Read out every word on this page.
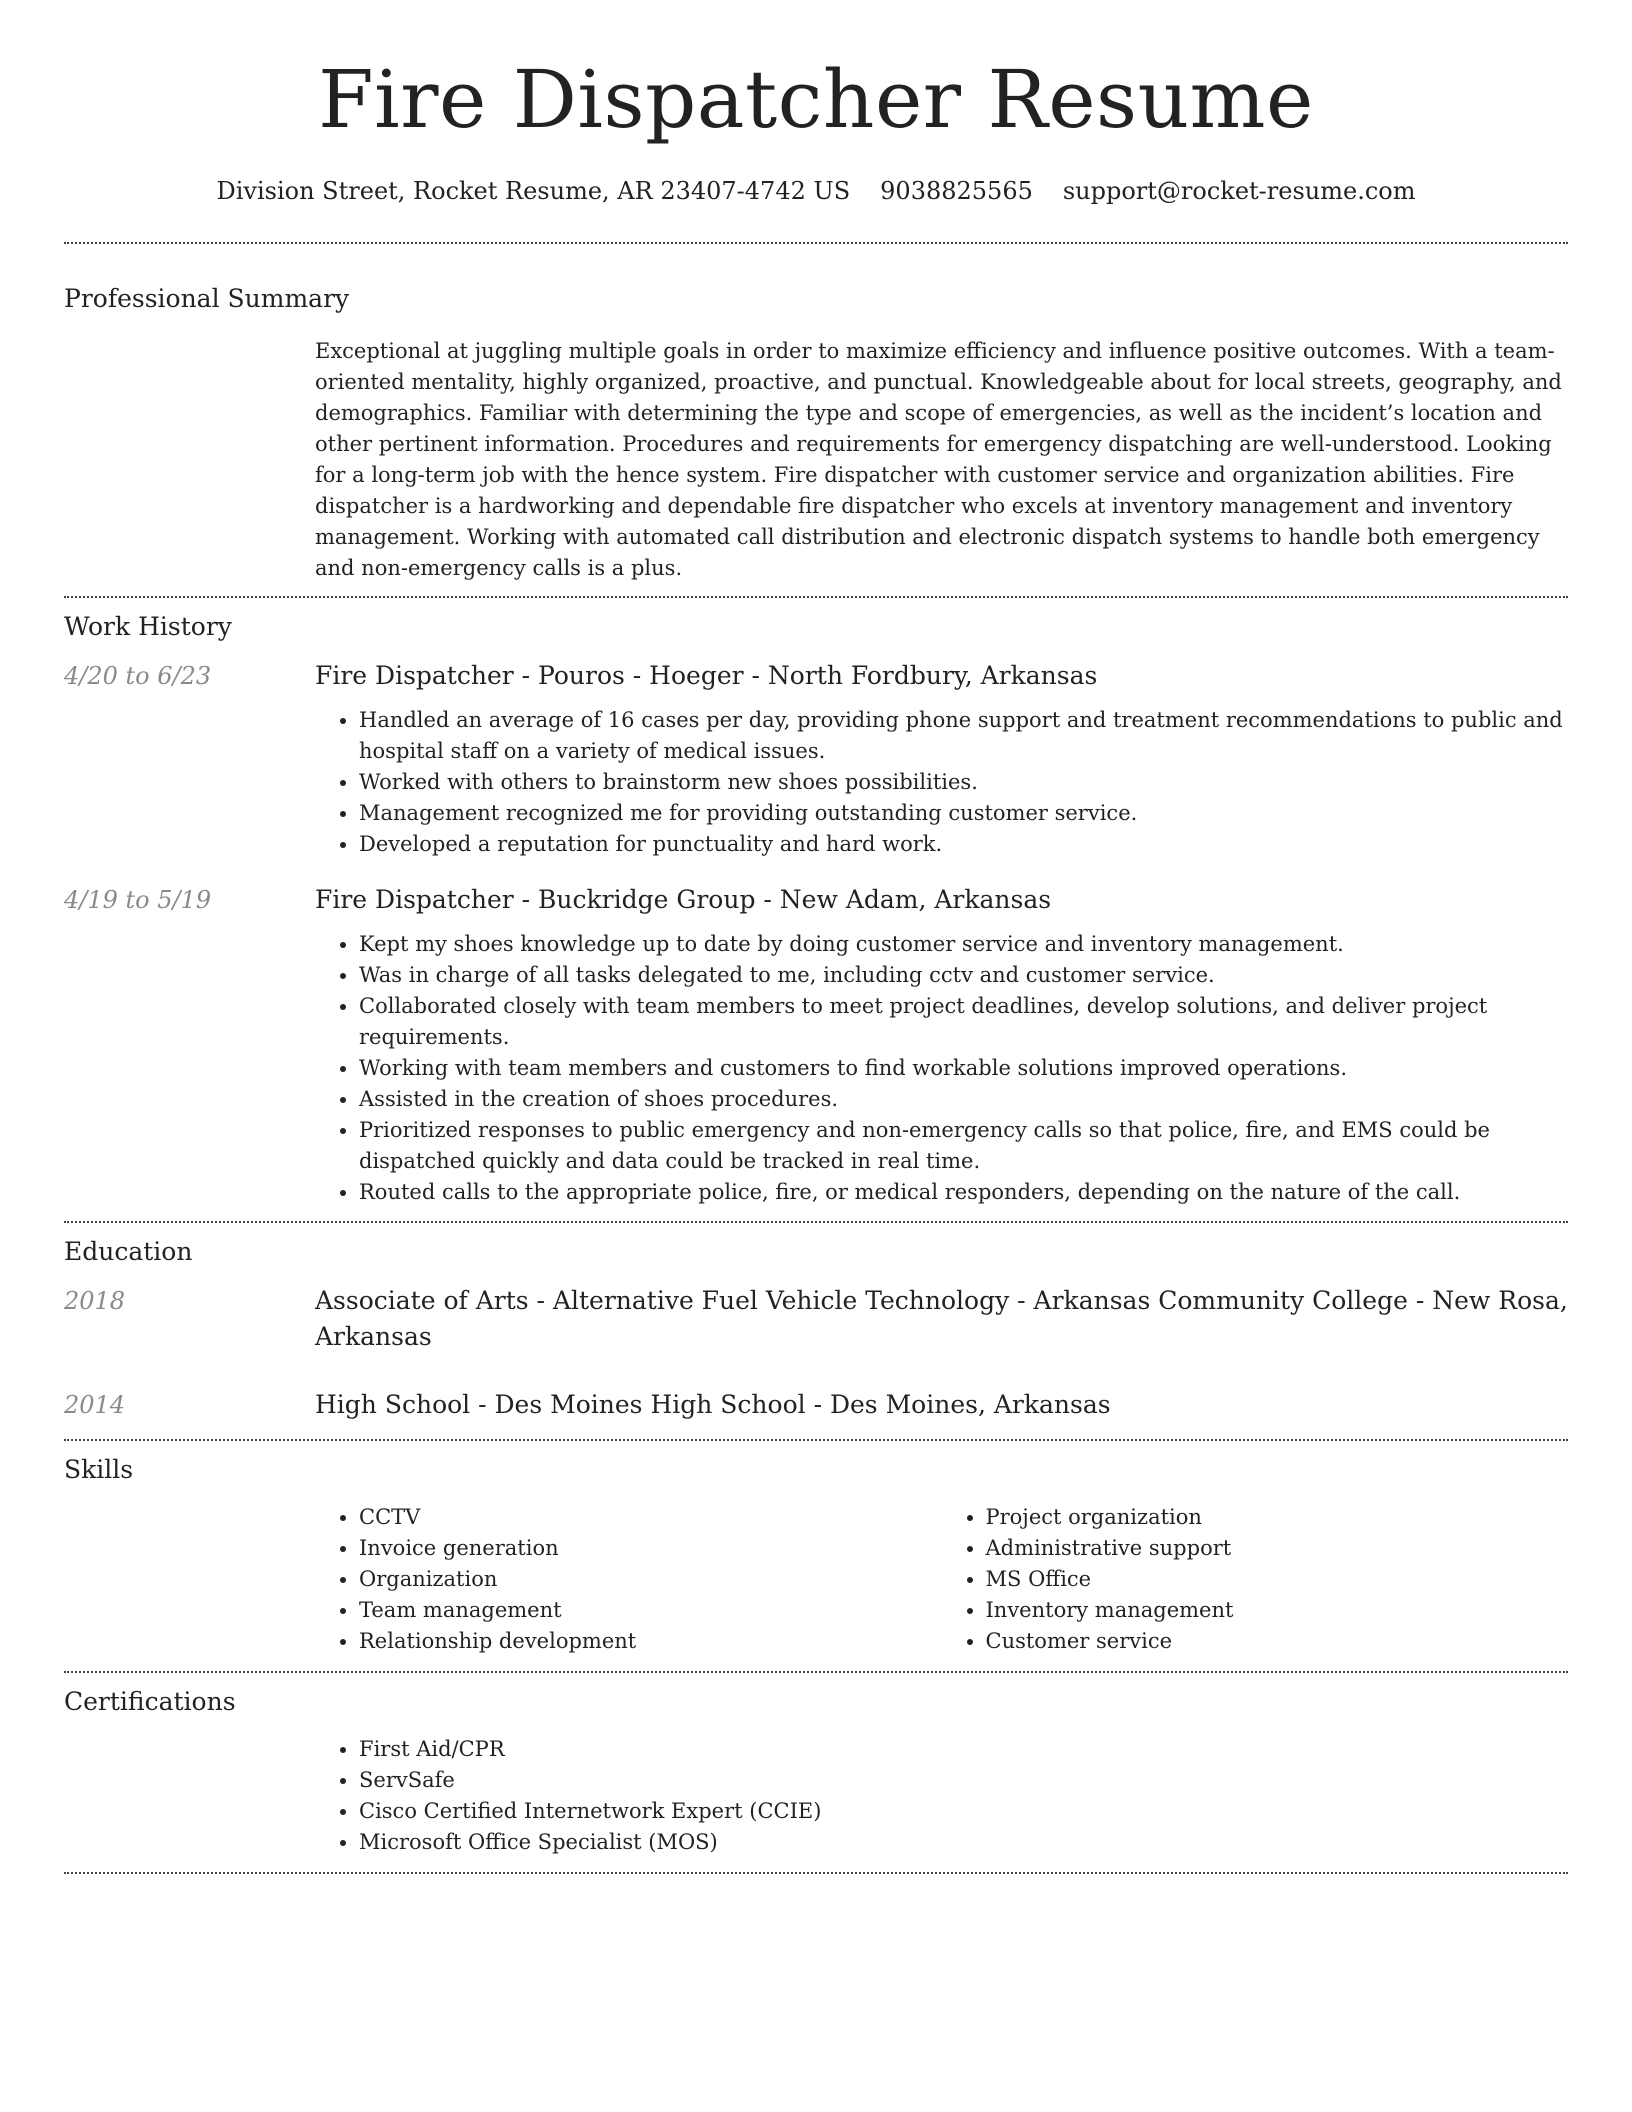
Fire Dispatcher Resume
Division Street, Rocket Resume, AR 23407-4742 US 9038825565 support@rocket-resume.com
Professional Summary

Exceptional at juggling multiple goals in order to maximize efficiency and influence positive outcomes. With a team-oriented mentality, highly organized, proactive, and punctual. Knowledgeable about for local streets, geography, and demographics. Familiar with determining the type and scope of emergencies, as well as the incident’s location and other pertinent information. Procedures and requirements for emergency dispatching are well-understood. Looking for a long-term job with the hence system. Fire dispatcher with customer service and organization abilities. Fire dispatcher is a hardworking and dependable fire dispatcher who excels at inventory management and inventory management. Working with automated call distribution and electronic dispatch systems to handle both emergency and non-emergency calls is a plus.

Work History
4/20 to 6/23	Fire Dispatcher - Pouros - Hoeger - North Fordbury, Arkansas
• Handled an average of 16 cases per day, providing phone support and treatment recommendations to public and hospital staff on a variety of medical issues.
• Worked with others to brainstorm new shoes possibilities.
• Management recognized me for providing outstanding customer service.
• Developed a reputation for punctuality and hard work.
4/19 to 5/19	Fire Dispatcher - Buckridge Group - New Adam, Arkansas
• Kept my shoes knowledge up to date by doing customer service and inventory management.
• Was in charge of all tasks delegated to me, including cctv and customer service.
• Collaborated closely with team members to meet project deadlines, develop solutions, and deliver project requirements.
• Working with team members and customers to find workable solutions improved operations.
• Assisted in the creation of shoes procedures.
• Prioritized responses to public emergency and non-emergency calls so that police, fire, and EMS could be dispatched quickly and data could be tracked in real time.
• Routed calls to the appropriate police, fire, or medical responders, depending on the nature of the call.
Education
2018	Associate of Arts - Alternative Fuel Vehicle Technology - Arkansas Community College - New Rosa, Arkansas
2014	High School - Des Moines High School - Des Moines, Arkansas
Skills
• CCTV
• Invoice generation
• Organization
• Team management
• Relationship development
• Project organization
• Administrative support
• MS Office
• Inventory management
• Customer service
Certifications
• First Aid/CPR
• ServSafe
• Cisco Certified Internetwork Expert (CCIE)
• Microsoft Office Specialist (MOS)
